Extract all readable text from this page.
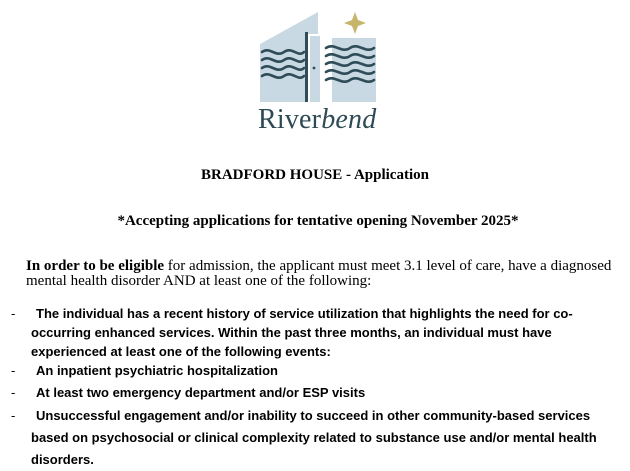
Riverbend

BRADFORD HOUSE - Application

*Accepting applications for tentative opening November 2025*

In order to be eligible for admission, the applicant must meet 3.1 level of care, have a diagnosed mental health disorder AND at least one of the following:

-	The individual has a recent history of service utilization that highlights the need for co-occurring enhanced services. Within the past three months, an individual must have experienced at least one of the following events:
-	An inpatient psychiatric hospitalization
-	At least two emergency department and/or ESP visits
-	Unsuccessful engagement and/or inability to succeed in other community-based services based on psychosocial or clinical complexity related to substance use and/or mental health disorders.
